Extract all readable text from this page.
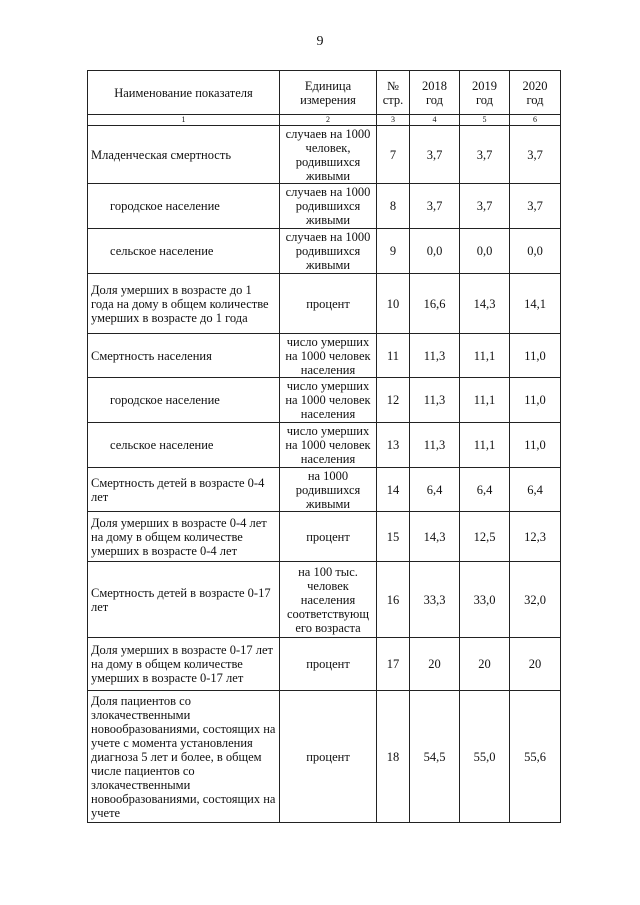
9
Наименование показателя	Единица измерения	№ стр.	2018 год	2019 год	2020 год
1	2	3	4	5	6
Младенческая смертность	случаев на 1000 человек, родившихся живыми	7	3,7	3,7	3,7
городское население	случаев на 1000 родившихся живыми	8	3,7	3,7	3,7
сельское население	случаев на 1000 родившихся живыми	9	0,0	0,0	0,0
Доля умерших в возрасте до 1 года на дому в общем количестве умерших в возрасте до 1 года	процент	10	16,6	14,3	14,1
Смертность населения	число умерших на 1000 человек населения	11	11,3	11,1	11,0
городское население	число умерших на 1000 человек населения	12	11,3	11,1	11,0
сельское население	число умерших на 1000 человек населения	13	11,3	11,1	11,0
Смертность детей в возрасте 0-4 лет	на 1000 родившихся живыми	14	6,4	6,4	6,4
Доля умерших в возрасте 0-4 лет на дому в общем количестве умерших в возрасте 0-4 лет	процент	15	14,3	12,5	12,3
Смертность детей в возрасте 0-17 лет	на 100 тыс. человек населения соответствующ его возраста	16	33,3	33,0	32,0
Доля умерших в возрасте 0-17 лет на дому в общем количестве умерших в возрасте 0-17 лет	процент	17	20	20	20
Доля пациентов со злокачественными новообразованиями, состоящих на учете с момента установления диагноза 5 лет и более, в общем числе пациентов со злокачественными новообразованиями, состоящих на учете	процент	18	54,5	55,0	55,6
